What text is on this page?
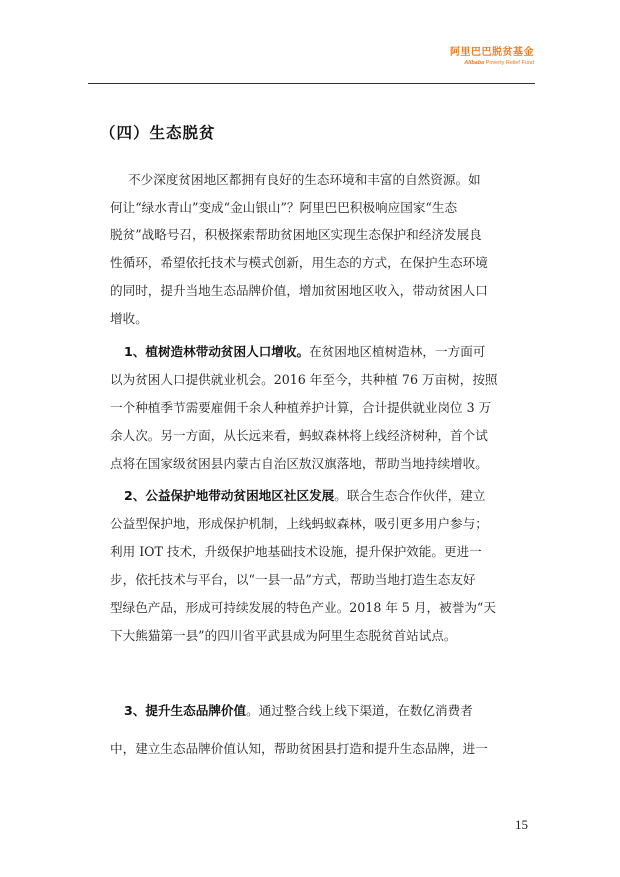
阿里巴巴脱贫基金
Alibaba Poverty Relief Fund
（四）生态脱贫
不少深度贫困地区都拥有良好的生态环境和丰富的自然资源。如
何让“绿水青山”变成“金山银山”？阿里巴巴积极响应国家“生态
脱贫”战略号召，积极探索帮助贫困地区实现生态保护和经济发展良
性循环，希望依托技术与模式创新，用生态的方式，在保护生态环境
的同时，提升当地生态品牌价值，增加贫困地区收入，带动贫困人口
增收。
1、植树造林带动贫困人口增收。在贫困地区植树造林，一方面可
以为贫困人口提供就业机会。2016 年至今，共种植 76 万亩树，按照
一个种植季节需要雇佣千余人种植养护计算，合计提供就业岗位 3 万
余人次。另一方面，从长远来看，蚂蚁森林将上线经济树种，首个试
点将在国家级贫困县内蒙古自治区敖汉旗落地，帮助当地持续增收。
2、公益保护地带动贫困地区社区发展。联合生态合作伙伴，建立
公益型保护地，形成保护机制，上线蚂蚁森林，吸引更多用户参与；
利用 IOT 技术，升级保护地基础技术设施，提升保护效能。更进一
步，依托技术与平台，以“一县一品”方式，帮助当地打造生态友好
型绿色产品，形成可持续发展的特色产业。2018 年 5 月，被誉为“天
下大熊猫第一县”的四川省平武县成为阿里生态脱贫首站试点。
3、提升生态品牌价值。通过整合线上线下渠道，在数亿消费者
中，建立生态品牌价值认知，帮助贫困县打造和提升生态品牌，进一
15
